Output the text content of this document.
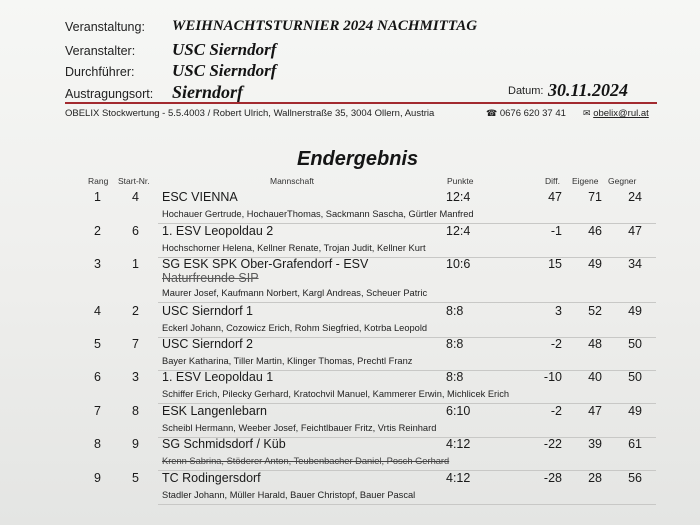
Veranstaltung: WEIHNACHTSTURNIER 2024 NACHMITTAG
Veranstalter: USC Sierndorf
Durchführer: USC Sierndorf
Austragungsort: Sierndorf	Datum: 30.11.2024
OBELIX Stockwertung - 5.5.4003 / Robert Ulrich, Wallnerstraße 35, 3004 Ollern, Austria	☎ 0676 620 37 41 ✉ obelix@rul.at
Endergebnis
Rang Start-Nr.	Mannschaft	Punkte	Diff. Eigene Gegner
1 4 ESC VIENNA	12:4	47	71	24
Hochauer Gertrude, HochauerThomas, Sackmann Sascha, Gürtler Manfred
2 6 1. ESV Leopoldau 2	12:4	-1	46	47
Hochschorner Helena, Kellner Renate, Trojan Judit, Kellner Kurt
3 1 SG ESK SPK Ober-Grafendorf - ESV
Naturfreunde SIP
10:6	15	49	34
Maurer Josef, Kaufmann Norbert, Kargl Andreas, Scheuer Patric
4 2 USC Sierndorf 1	8:8	3	52	49
Eckerl Johann, Cozowicz Erich, Rohm Siegfried, Kotrba Leopold
5 7 USC Sierndorf 2	8:8	-2	48	50
Bayer Katharina, Tiller Martin, Klinger Thomas, Prechtl Franz
6 3 1. ESV Leopoldau 1	8:8	-10	40	50
Schiffer Erich, Pilecky Gerhard, Kratochvil Manuel, Kammerer Erwin, Michlicek Erich
7 8 ESK Langenlebarn	6:10	-2	47	49
Scheibl Hermann, Weeber Josef, Feichtlbauer Fritz, Vrtis Reinhard
8 9 SG Schmidsdorf / Küb	4:12	-22	39	61
Krenn Sabrina, Stöderer Anton, Teubenbacher Daniel, Posch Gerhard
9 5 TC Rodingersdorf	4:12	-28	28	56
Stadler Johann, Müller Harald, Bauer Christopf, Bauer Pascal
